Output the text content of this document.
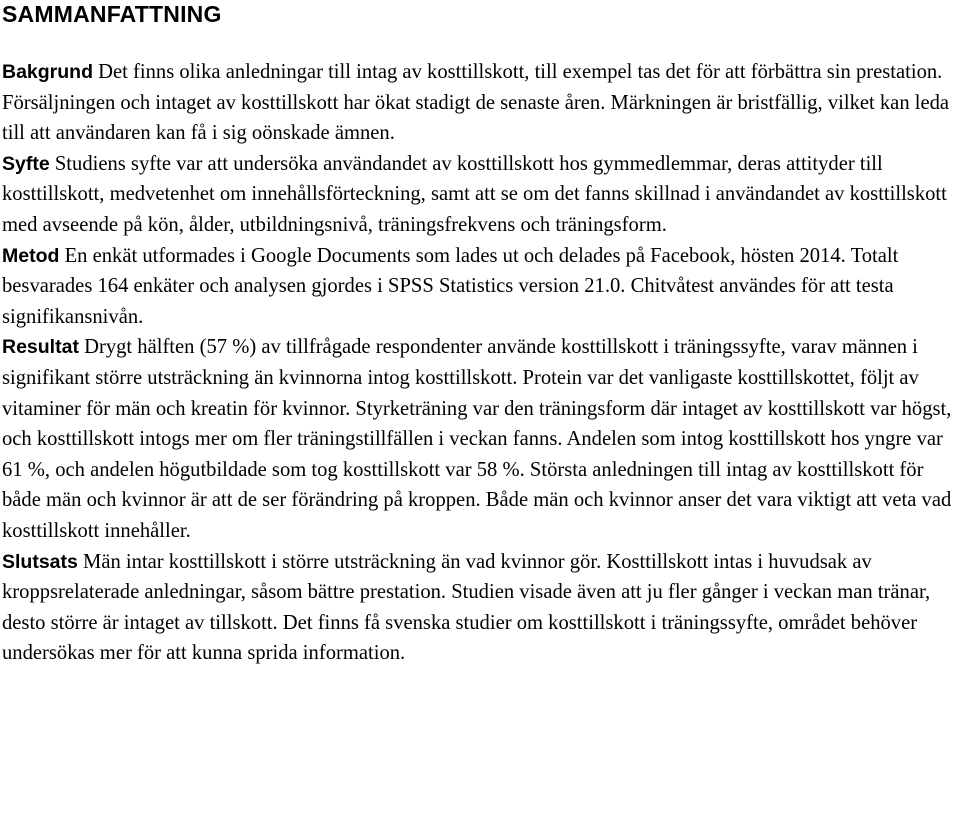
SAMMANFATTNING

Bakgrund Det finns olika anledningar till intag av kosttillskott, till exempel tas det för att förbättra sin prestation. Försäljningen och intaget av kosttillskott har ökat stadigt de senaste åren. Märkningen är bristfällig, vilket kan leda till att användaren kan få i sig oönskade ämnen.

Syfte Studiens syfte var att undersöka användandet av kosttillskott hos gymmedlemmar, deras attityder till kosttillskott, medvetenhet om innehållsförteckning, samt att se om det fanns skillnad i användandet av kosttillskott med avseende på kön, ålder, utbildningsnivå, träningsfrekvens och träningsform.

Metod En enkät utformades i Google Documents som lades ut och delades på Facebook, hösten 2014. Totalt besvarades 164 enkäter och analysen gjordes i SPSS Statistics version 21.0. Chitvåtest användes för att testa signifikansnivån.

Resultat Drygt hälften (57 %) av tillfrågade respondenter använde kosttillskott i träningssyfte, varav männen i signifikant större utsträckning än kvinnorna intog kosttillskott. Protein var det vanligaste kosttillskottet, följt av vitaminer för män och kreatin för kvinnor. Styrketräning var den träningsform där intaget av kosttillskott var högst, och kosttillskott intogs mer om fler träningstillfällen i veckan fanns. Andelen som intog kosttillskott hos yngre var 61 %, och andelen högutbildade som tog kosttillskott var 58 %. Största anledningen till intag av kosttillskott för både män och kvinnor är att de ser förändring på kroppen. Både män och kvinnor anser det vara viktigt att veta vad kosttillskott innehåller.

Slutsats Män intar kosttillskott i större utsträckning än vad kvinnor gör. Kosttillskott intas i huvudsak av kroppsrelaterade anledningar, såsom bättre prestation. Studien visade även att ju fler gånger i veckan man tränar, desto större är intaget av tillskott. Det finns få svenska studier om kosttillskott i träningssyfte, området behöver undersökas mer för att kunna sprida information.
